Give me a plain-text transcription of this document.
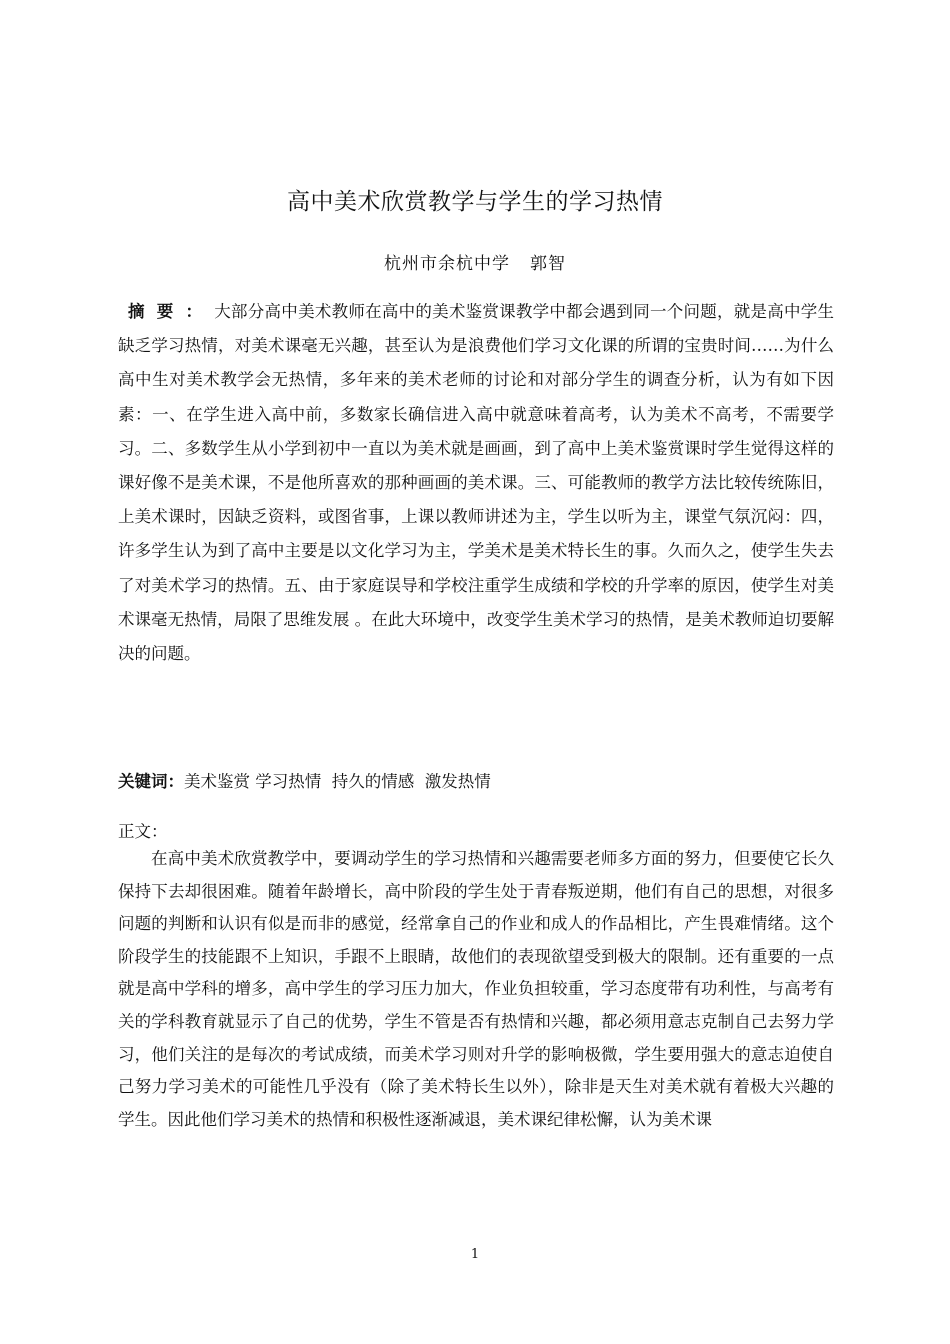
高中美术欣赏教学与学生的学习热情
杭州市余杭中学 郭智

摘要：大部分高中美术教师在高中的美术鉴赏课教学中都会遇到同一个问题，就是高中学生缺乏学习热情，对美术课毫无兴趣，甚至认为是浪费他们学习文化课的所谓的宝贵时间……为什么高中生对美术教学会无热情，多年来的美术老师的讨论和对部分学生的调查分析，认为有如下因素：一、在学生进入高中前，多数家长确信进入高中就意味着高考，认为美术不高考，不需要学习。二、多数学生从小学到初中一直以为美术就是画画，到了高中上美术鉴赏课时学生觉得这样的课好像不是美术课，不是他所喜欢的那种画画的美术课。三、可能教师的教学方法比较传统陈旧，上美术课时，因缺乏资料，或图省事，上课以教师讲述为主，学生以听为主，课堂气氛沉闷：四，许多学生认为到了高中主要是以文化学习为主，学美术是美术特长生的事。久而久之，使学生失去了对美术学习的热情。五、由于家庭误导和学校注重学生成绩和学校的升学率的原因，使学生对美术课毫无热情，局限了思维发展 。在此大环境中，改变学生美术学习的热情，是美术教师迫切要解决的问题。

关键词：美术鉴赏 学习热情  持久的情感  激发热情

正文：

在高中美术欣赏教学中，要调动学生的学习热情和兴趣需要老师多方面的努力，但要使它长久保持下去却很困难。随着年龄增长，高中阶段的学生处于青春叛逆期，他们有自己的思想，对很多问题的判断和认识有似是而非的感觉，经常拿自己的作业和成人的作品相比，产生畏难情绪。这个阶段学生的技能跟不上知识，手跟不上眼睛，故他们的表现欲望受到极大的限制。还有重要的一点就是高中学科的增多，高中学生的学习压力加大，作业负担较重，学习态度带有功利性，与高考有关的学科教育就显示了自己的优势，学生不管是否有热情和兴趣，都必须用意志克制自己去努力学习，他们关注的是每次的考试成绩，而美术学习则对升学的影响极微，学生要用强大的意志迫使自己努力学习美术的可能性几乎没有（除了美术特长生以外），除非是天生对美术就有着极大兴趣的学生。因此他们学习美术的热情和积极性逐渐减退，美术课纪律松懈，认为美术课

1
